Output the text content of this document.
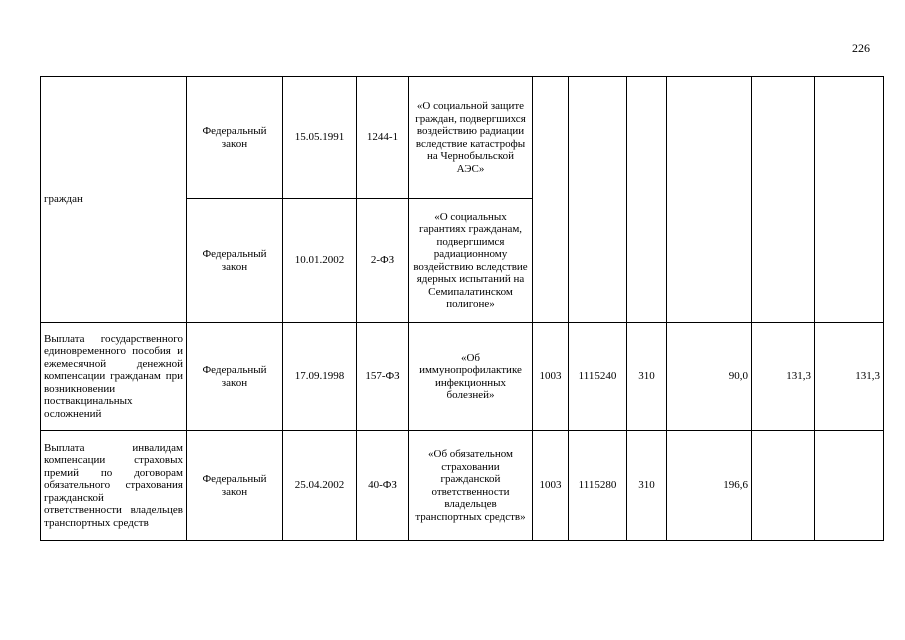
226
граждан	Федеральный закон	15.05.1991	1244-1	«О социальной защите граждан, подвергшихся воздействию радиации вследствие катастрофы на Чернобыльской АЭС»						
	Федеральный закон	10.01.2002	2-ФЗ	«О социальных гарантиях гражданам, подвергшимся радиационному воздействию вследствие ядерных испытаний на Семипалатинском полигоне»						
Выплата государственного единовременного пособия и ежемесячной денежной компенсации гражданам при возникновении поствакцинальных осложнений	Федеральный закон	17.09.1998	157-ФЗ	«Об иммунопрофилактике инфекционных болезней»	1003	1115240	310	90,0	131,3	131,3
Выплата инвалидам компенсации страховых премий по договорам обязательного страхования гражданской ответственности владельцев транспортных средств	Федеральный закон	25.04.2002	40-ФЗ	«Об обязательном страховании гражданской ответственности владельцев транспортных средств»	1003	1115280	310	196,6		
